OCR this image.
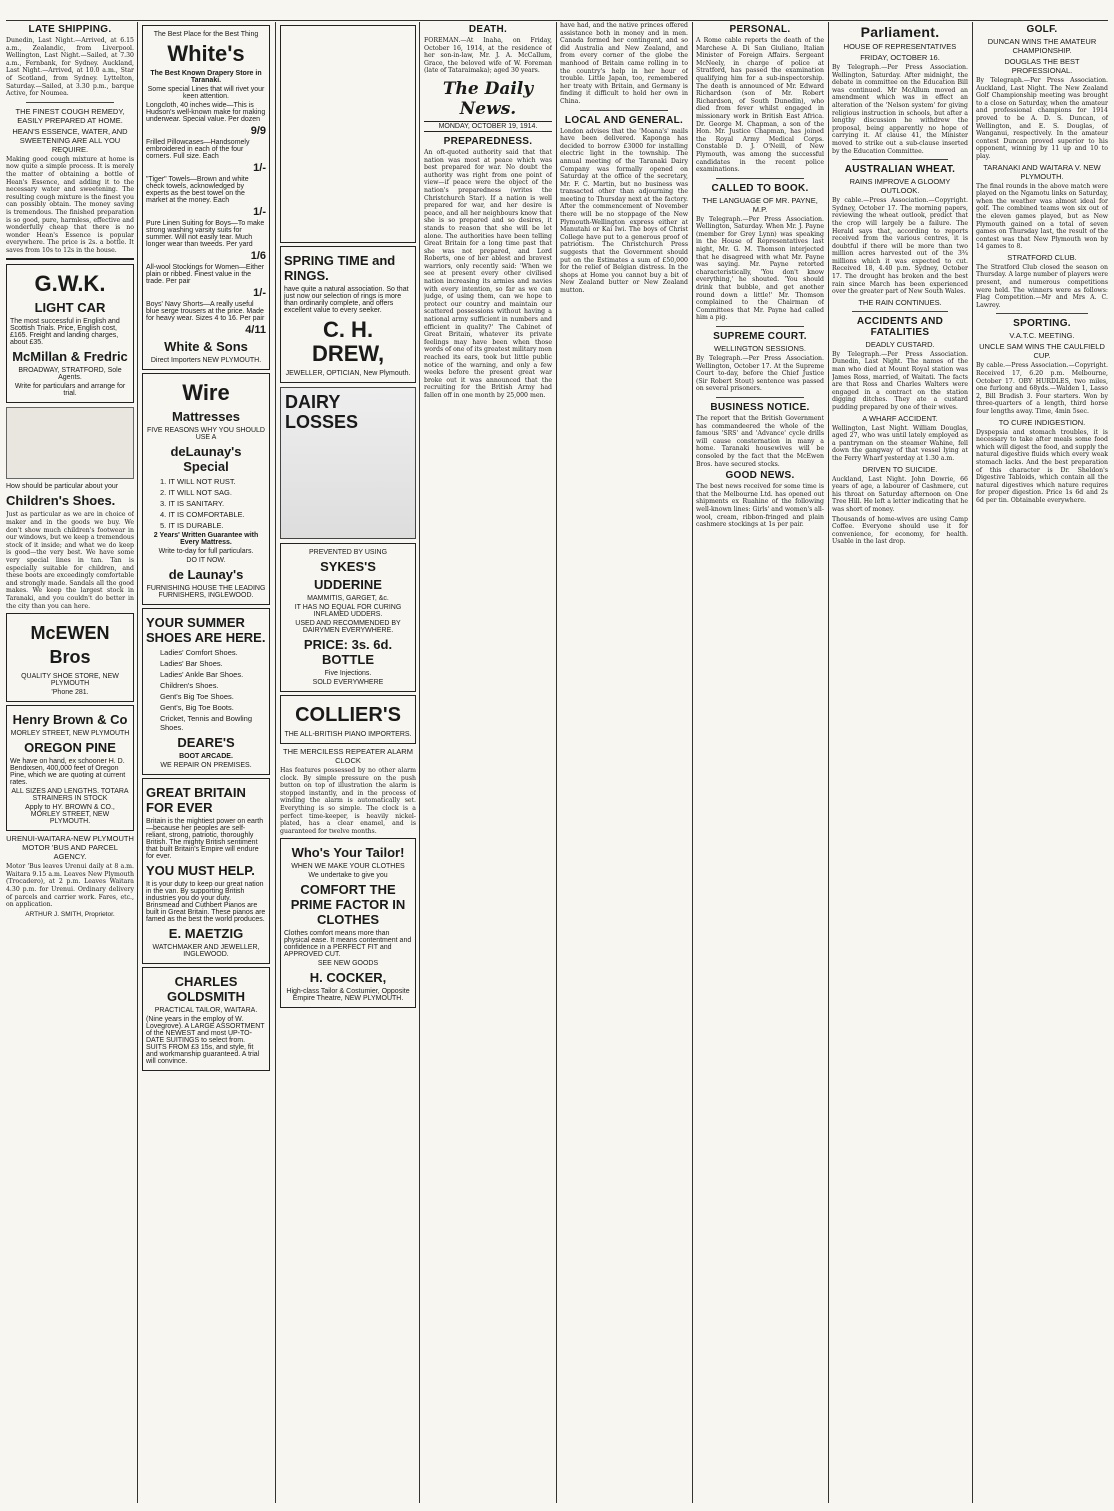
LATE SHIPPING.

Dunedin, Last Night.—Arrived, at 6.15 a.m., Zealandic, from Liverpool. Wellington, Last Night.—Sailed, at 7.30 a.m., Fernbank, for Sydney. Auckland, Last Night.—Arrived, at 10.0 a.m., Star of Scotland, from Sydney. Lyttelton, Saturday.—Sailed, at 3.30 p.m., barque Active, for Noumea.

THE FINEST COUGH REMEDY, EASILY PREPARED AT HOME.
HEAN'S ESSENCE, WATER, AND SWEETENING ARE ALL YOU REQUIRE.

Making good cough mixture at home is now quite a simple process. It is merely the matter of obtaining a bottle of Hean's Essence, and adding it to the necessary water and sweetening. The resulting cough mixture is the finest you can possibly obtain. The money saving is tremendous. The finished preparation is so good, pure, harmless, effective and wonderfully cheap that there is no wonder Hean's Essence is popular everywhere. The price is 2s. a bottle. It saves from 10s to 12s in the house.

G.W.K.
LIGHT CAR
The most successful in English and Scottish Trials. Price, English cost, £165. Freight and landing charges, about £35.
McMillan & Fredric
BROADWAY, STRATFORD, Sole Agents.
Write for particulars and arrange for trial.
How should be particular about your
Children's Shoes.

Just as particular as we are in choice of maker and in the goods we buy. We don't show much children's footwear in our windows, but we keep a tremendous stock of it inside; and what we do keep is good—the very best. We have some very special lines in tan. Tan is especially suitable for children, and these boots are exceedingly comfortable and strongly made. Sandals all the good makes. We keep the largest stock in Taranaki, and you couldn't do better in the city than you can here.

McEWEN Bros
QUALITY SHOE STORE, NEW PLYMOUTH
'Phone 281.
Henry Brown & Co
MORLEY STREET, NEW PLYMOUTH
OREGON PINE
We have on hand, ex schooner H. D. Bendixsen, 400,000 feet of Oregon Pine, which we are quoting at current rates.
ALL SIZES AND LENGTHS. TOTARA STRAINERS IN STOCK
Apply to HY. BROWN & CO., MORLEY STREET, NEW PLYMOUTH.
URENUI-WAITARA-NEW PLYMOUTH MOTOR 'BUS AND PARCEL AGENCY.

Motor 'Bus leaves Urenui daily at 8 a.m. Waitara 9.15 a.m. Leaves New Plymouth (Trocadero), at 2 p.m. Leaves Waitara 4.30 p.m. for Urenui. Ordinary delivery of parcels and carrier work. Fares, etc., on application.

ARTHUR J. SMITH, Proprietor.
The Best Place for the Best Thing
White's
The Best Known Drapery Store in Taranaki.
Some special Lines that will rivet your keen attention.
Longcloth, 40 inches wide—This is Hudson's well-known make for making underwear. Special value. Per dozen
9/9
Frilled Pillowcases—Handsomely embroidered in each of the four corners. Full size. Each
1/-
"Tiger" Towels—Brown and white check towels, acknowledged by experts as the best towel on the market at the money. Each
1/-
Pure Linen Suiting for Boys—To make strong washing varsity suits for summer. Will not easily tear. Much longer wear than tweeds. Per yard
1/6
All-wool Stockings for Women—Either plain or ribbed. Finest value in the trade. Per pair
1/-
Boys' Navy Shorts—A really useful blue serge trousers at the price. Made for heavy wear. Sizes 4 to 16. Per pair
4/11
White & Sons
Direct Importers NEW PLYMOUTH.
Wire
Mattresses
FIVE REASONS WHY YOU SHOULD USE A
deLaunay's Special
1. IT WILL NOT RUST.
2. IT WILL NOT SAG.
3. IT IS SANITARY.
4. IT IS COMFORTABLE.
5. IT IS DURABLE.
2 Years' Written Guarantee with Every Mattress.
Write to-day for full particulars.
DO IT NOW.
de Launay's
FURNISHING HOUSE THE LEADING FURNISHERS, INGLEWOOD.
YOUR SUMMER SHOES ARE HERE.
Ladies' Comfort Shoes.
Ladies' Bar Shoes.
Ladies' Ankle Bar Shoes.
Children's Shoes.
Gent's Big Toe Shoes.
Gent's, Big Toe Boots.
Cricket, Tennis and Bowling Shoes.
DEARE'S
BOOT ARCADE.
WE REPAIR ON PREMISES.
GREAT BRITAIN FOR EVER
Britain is the mightiest power on earth—because her peoples are self-reliant, strong, patriotic, thoroughly British. The mighty British sentiment that built Britain's Empire will endure for ever.
YOU MUST HELP.
It is your duty to keep our great nation in the van. By supporting British industries you do your duty. Brinsmead and Cuthbert Pianos are built in Great Britain. These pianos are famed as the best the world produces.
E. MAETZIG
WATCHMAKER AND JEWELLER, INGLEWOOD.
CHARLES GOLDSMITH
PRACTICAL TAILOR, WAITARA.
(Nine years in the employ of W. Lovegrove). A LARGE ASSORTMENT of the NEWEST and most UP-TO-DATE SUITINGS to select from. SUITS FROM £3 15s, and style, fit and workmanship guaranteed. A trial will convince.
SPRING TIME and RINGS.
have quite a natural association. So that just now our selection of rings is more than ordinarily complete, and offers excellent value to every seeker.
C. H. DREW,
JEWELLER, OPTICIAN, New Plymouth.
DAIRY LOSSES
PREVENTED BY USING
SYKES'S
UDDERINE
MAMMITIS, GARGET, &c.
IT HAS NO EQUAL FOR CURING INFLAMED UDDERS.
USED AND RECOMMENDED BY DAIRYMEN EVERYWHERE.
PRICE: 3s. 6d. BOTTLE
Five Injections.
SOLD EVERYWHERE
COLLIER'S
THE ALL-BRITISH PIANO IMPORTERS.
THE MERCILESS REPEATER ALARM CLOCK

Has features possessed by no other alarm clock. By simple pressure on the push button on top of illustration the alarm is stopped instantly, and in the process of winding the alarm is automatically set. Everything is so simple. The clock is a perfect time-keeper, is heavily nickel-plated, has a clear enamel, and is guaranteed for twelve months.

Who's Your Tailor!
WHEN WE MAKE YOUR CLOTHES
We undertake to give you
COMFORT THE PRIME FACTOR IN CLOTHES
Clothes comfort means more than physical ease. It means contentment and confidence in a PERFECT FIT and APPROVED CUT.
SEE NEW GOODS
H. COCKER,
High-class Tailor & Costumier, Opposite Empire Theatre, NEW PLYMOUTH.
DEATH.

FOREMAN.—At Inaha, on Friday, October 16, 1914, at the residence of her son-in-law, Mr. J. A. McCallum, Grace, the beloved wife of W. Foreman (late of Tataraimaka); aged 30 years.

The Daily News.
MONDAY, OCTOBER 19, 1914.
PREPAREDNESS.

An oft-quoted authority said that that nation was most at peace which was best prepared for war. No doubt the authority was right from one point of view—if peace were the object of the nation's preparedness (writes the Christchurch Star). If a nation is well prepared for war, and her desire is peace, and all her neighbours know that she is so prepared and so desires, it stands to reason that she will be let alone. The authorities have been telling Great Britain for a long time past that she was not prepared, and Lord Roberts, one of her ablest and bravest warriors, only recently said: 'When we see at present every other civilised nation increasing its armies and navies with every intention, so far as we can judge, of using them, can we hope to protect our country and maintain our scattered possessions without having a national army sufficient in numbers and efficient in quality?' The Cabinet of Great Britain, whatever its private feelings may have been when those words of one of its greatest military men reached its ears, took but little public notice of the warning, and only a few weeks before the present great war broke out it was announced that the recruiting for the British Army had fallen off in one month by 25,000 men.

have had, and the native princes offered assistance both in money and in men. Canada formed her contingent, and so did Australia and New Zealand, and from every corner of the globe the manhood of Britain came rolling in to the country's help in her hour of trouble. Little Japan, too, remembered her treaty with Britain, and Germany is finding it difficult to hold her own in China.

LOCAL AND GENERAL.

London advises that the 'Moana's' mails have been delivered. Kaponga has decided to borrow £3000 for installing electric light in the township. The annual meeting of the Taranaki Dairy Company was formally opened on Saturday at the office of the secretary, Mr. F. C. Martin, but no business was transacted other than adjourning the meeting to Thursday next at the factory. After the commencement of November there will be no stoppage of the New Plymouth-Wellington express either at Manutahi or Kai Iwi. The boys of Christ College have put to a generous proof of patriotism. The Christchurch Press suggests that the Government should put on the Estimates a sum of £50,000 for the relief of Belgian distress. In the shops at Home you cannot buy a bit of New Zealand butter or New Zealand mutton.

PERSONAL.

A Rome cable reports the death of the Marchese A. Di San Giuliano, Italian Minister of Foreign Affairs. Sergeant McNeely, in charge of police at Stratford, has passed the examination qualifying him for a sub-inspectorship. The death is announced of Mr. Edward Richardson (son of Mr. Robert Richardson, of South Dunedin), who died from fever whilst engaged in missionary work in British East Africa. Dr. George M. Chapman, a son of the Hon. Mr. Justice Chapman, has joined the Royal Army Medical Corps. Constable D. J. O'Neill, of New Plymouth, was among the successful candidates in the recent police examinations.

CALLED TO BOOK.
THE LANGUAGE OF MR. PAYNE, M.P.

By Telegraph.—Per Press Association. Wellington, Saturday. When Mr. J. Payne (member for Grey Lynn) was speaking in the House of Representatives last night, Mr. G. M. Thomson interjected that he disagreed with what Mr. Payne was saying. Mr. Payne retorted characteristically, 'You don't know everything,' he shouted. 'You should drink that bubble, and get another round down a little!' Mr. Thomson complained to the Chairman of Committees that Mr. Payne had called him a pig.

SUPREME COURT.
WELLINGTON SESSIONS.

By Telegraph.—Per Press Association. Wellington, October 17. At the Supreme Court to-day, before the Chief Justice (Sir Robert Stout) sentence was passed on several prisoners.

BUSINESS NOTICE.

The report that the British Government has commandeered the whole of the famous 'SRS' and 'Advance' cycle drills will cause consternation in many a home. Taranaki housewives will be consoled by the fact that the McEwen Bros. have secured stocks.

GOOD NEWS.

The best news received for some time is that the Melbourne Ltd. has opened out shipments ex Ruahine of the following well-known lines: Girls' and women's all-wool, cream, ribbon-fringed and plain cashmere stockings at 1s per pair.

Parliament.
HOUSE OF REPRESENTATIVES
FRIDAY, OCTOBER 16.

By Telegraph.—Per Press Association. Wellington, Saturday. After midnight, the debate in committee on the Education Bill was continued. Mr McAllum moved an amendment which was in effect an alteration of the 'Nelson system' for giving religious instruction in schools, but after a lengthy discussion he withdrew the proposal, being apparently no hope of carrying it. At clause 41, the Minister moved to strike out a sub-clause inserted by the Education Committee.

AUSTRALIAN WHEAT.
RAINS IMPROVE A GLOOMY OUTLOOK.

By cable.—Press Association.—Copyright. Sydney, October 17. The morning papers, reviewing the wheat outlook, predict that the crop will largely be a failure. The Herald says that, according to reports received from the various centres, it is doubtful if there will be more than two million acres harvested out of the 3¾ millions which it was expected to cut. Received 18, 4.40 p.m. Sydney, October 17. The drought has broken and the best rain since March has been experienced over the greater part of New South Wales.

THE RAIN CONTINUES.
ACCIDENTS AND FATALITIES
DEADLY CUSTARD.

By Telegraph.—Per Press Association. Dunedin, Last Night. The names of the man who died at Mount Royal station was James Ross, married, of Waitati. The facts are that Ross and Charles Walters were engaged in a contract on the station digging ditches. They ate a custard pudding prepared by one of their wives.

A WHARF ACCIDENT.

Wellington, Last Night. William Douglas, aged 27, who was until lately employed as a pantryman on the steamer Wahine, fell down the gangway of that vessel lying at the Ferry Wharf yesterday at 1.30 a.m.

DRIVEN TO SUICIDE.

Auckland, Last Night. John Dowrie, 66 years of age, a labourer of Cashmere, cut his throat on Saturday afternoon on One Tree Hill. He left a letter indicating that he was short of money.

Thousands of home-wives are using Camp Coffee. Everyone should use it for convenience, for economy, for health. Usable in the last drop.

GOLF.
DUNCAN WINS THE AMATEUR CHAMPIONSHIP.
DOUGLAS THE BEST PROFESSIONAL.

By Telegraph.—Per Press Association. Auckland, Last Night. The New Zealand Golf Championship meeting was brought to a close on Saturday, when the amateur and professional champions for 1914 proved to be A. D. S. Duncan, of Wellington, and E. S. Douglas, of Wanganui, respectively. In the amateur contest Duncan proved superior to his opponent, winning by 11 up and 10 to play.

TARANAKI AND WAITARA V. NEW PLYMOUTH.

The final rounds in the above match were played on the Ngamotu links on Saturday, when the weather was almost ideal for golf. The combined teams won six out of the eleven games played, but as New Plymouth gained on a total of seven games on Thursday last, the result of the contest was that New Plymouth won by 14 games to 8.

STRATFORD CLUB.

The Stratford Club closed the season on Thursday. A large number of players were present, and numerous competitions were held. The winners were as follows: Flag Competition.—Mr and Mrs A. C. Lawrey.

SPORTING.
V.A.T.C. MEETING.
UNCLE SAM WINS THE CAULFIELD CUP.

By cable.—Press Association.—Copyright. Received 17, 6.20 p.m. Melbourne, October 17. OBY HURDLES, two miles, one furlong and 68yds.—Walden 1, Lasso 2, Bill Bradish 3. Four starters. Won by three-quarters of a length, third horse four lengths away. Time, 4min 5sec.

TO CURE INDIGESTION.

Dyspepsia and stomach troubles, it is necessary to take after meals some food which will digest the food, and supply the natural digestive fluids which every weak stomach lacks. And the best preparation of this character is Dr. Sheldon's Digestive Tabloids, which contain all the natural digestives which nature requires for proper digestion. Price 1s 6d and 2s 6d per tin. Obtainable everywhere.
